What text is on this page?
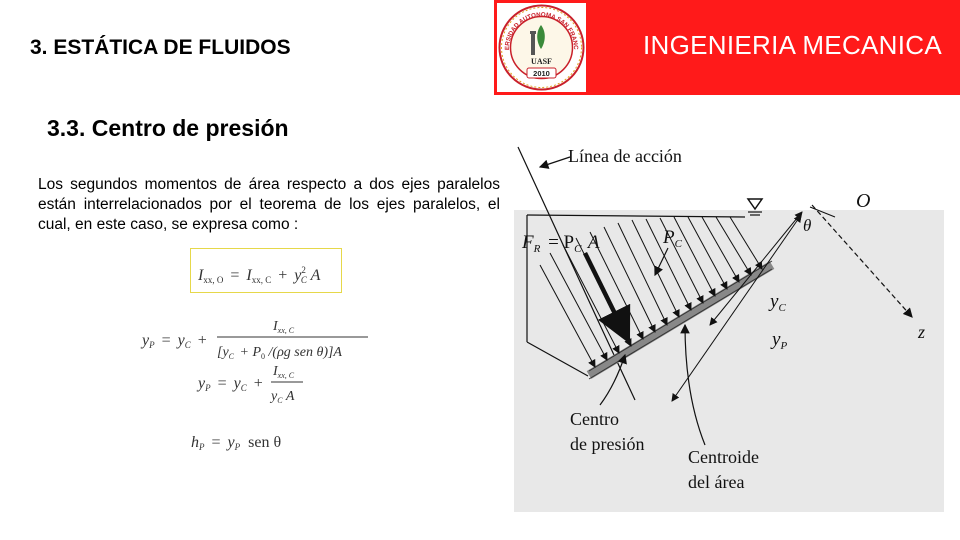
3. ESTÁTICA DE FLUIDOS	ERSIDAD AUTONOMA SAN FRANC
UASF
2010
INGENIERIA MECANICA
3.3. Centro de presión
Los segundos momentos de área respecto a dos ejes paralelos están interrelacionados por el teorema de los ejes paralelos, el cual, en este caso, se expresa como :
Ixx, O = Ixx, $C + y^2$ C A
yP = yC +
$I_{xx, C}$
[$y_C + P_0$ /(ρg sen θ)]A
yP = yC +
$I_{xx, C}$
$y_C$ A
hP = yP sen θ
Línea de acción
O
z
θ
$F_R = P_C$ A	$P_C$
$y_C$
$y_P$
Centro
de presión
Centroide
del área
